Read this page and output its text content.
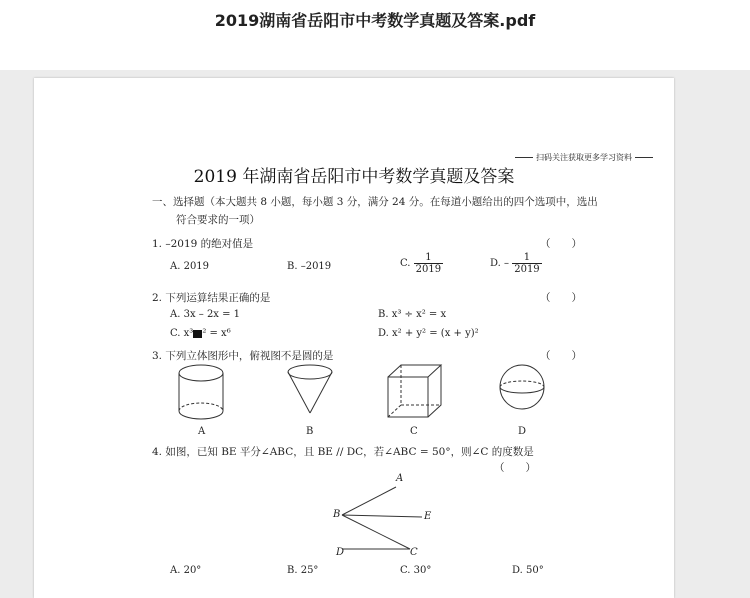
2019湖南省岳阳市中考数学真题及答案.pdf
扫码关注获取更多学习资料
2019 年湖南省岳阳市中考数学真题及答案
一、选择题（本大题共 8 小题，每小题 3 分，满分 24 分。在每道小题给出的四个选项中，选出
符合要求的一项）
1. –2019 的绝对值是	（　　）
A. 2019	B. –2019	C. $\frac{1}{2019}$	D. – $\frac{1}{2019}$
2. 下列运算结果正确的是	（　　）
A. 3x – 2x = 1	B. x³ ÷ x² = x
C. x³ ² = x⁶	D. x² + y² = (x + y)²
3. 下列立体图形中，俯视图不是圆的是	（　　）
A	B	C	D
4. 如图，已知 BE 平分∠ABC，且 BE // DC，若∠ABC = 50°，则∠C 的度数是
（　　）
A
B	E
D	C
A. 20°	B. 25°	C. 30°	D. 50°
